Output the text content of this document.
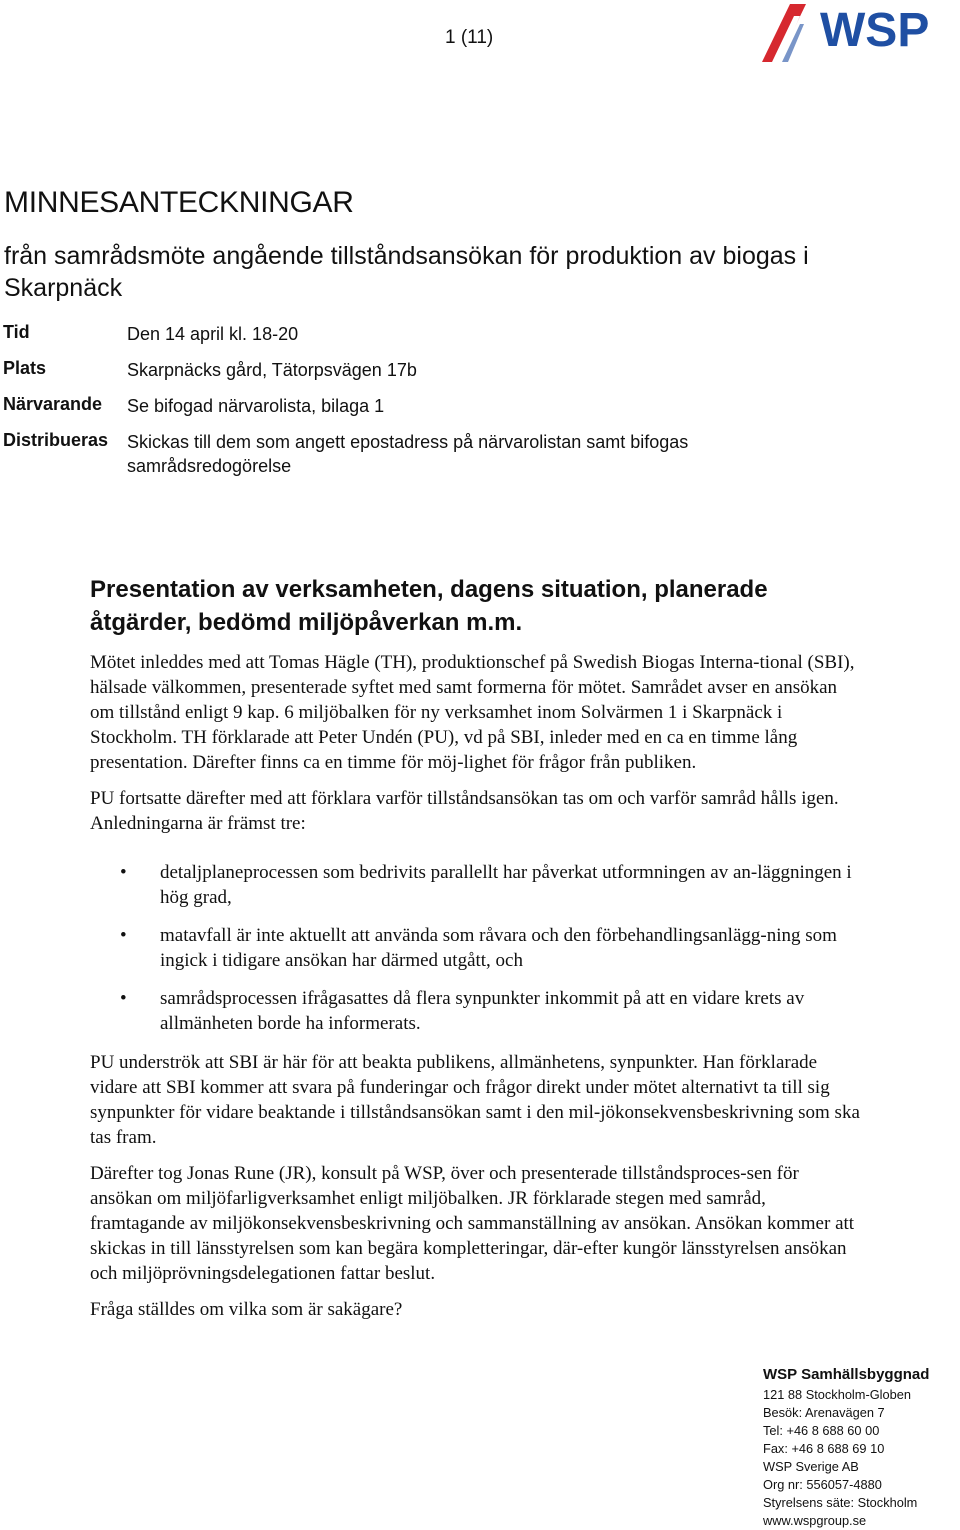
1 (11)	WSP
MINNESANTECKNINGAR
från samrådsmöte angående tillståndsansökan för produktion av biogas i Skarpnäck
Tid	Den 14 april kl. 18-20
Plats	Skarpnäcks gård, Tätorpsvägen 17b
Närvarande Se bifogad närvarolista, bilaga 1
Distribueras Skickas till dem som angett epostadress på närvarolistan samt bifogas samrådsredogörelse
Presentation av verksamheten, dagens situation, planerade åtgärder, bedömd miljöpåverkan m.m.

Mötet inleddes med att Tomas Hägle (TH), produktionschef på Swedish Biogas Interna-tional (SBI), hälsade välkommen, presenterade syftet med samt formerna för mötet. Samrådet avser en ansökan om tillstånd enligt 9 kap. 6 miljöbalken för ny verksamhet inom Solvärmen 1 i Skarpnäck i Stockholm. TH förklarade att Peter Undén (PU), vd på SBI, inleder med en ca en timme lång presentation. Därefter finns ca en timme för möj-lighet för frågor från publiken.

PU fortsatte därefter med att förklara varför tillståndsansökan tas om och varför samråd hålls igen. Anledningarna är främst tre:

• detaljplaneprocessen som bedrivits parallellt har påverkat utformningen av an-läggningen i hög grad,
• matavfall är inte aktuellt att använda som råvara och den förbehandlingsanlägg-ning som ingick i tidigare ansökan har därmed utgått, och
• samrådsprocessen ifrågasattes då flera synpunkter inkommit på att en vidare krets av allmänheten borde ha informerats.

PU underströk att SBI är här för att beakta publikens, allmänhetens, synpunkter. Han förklarade vidare att SBI kommer att svara på funderingar och frågor direkt under mötet alternativt ta till sig synpunkter för vidare beaktande i tillståndsansökan samt i den mil-jökonsekvensbeskrivning som ska tas fram.

Därefter tog Jonas Rune (JR), konsult på WSP, över och presenterade tillståndsproces-sen för ansökan om miljöfarligverksamhet enligt miljöbalken. JR förklarade stegen med samråd, framtagande av miljökonsekvensbeskrivning och sammanställning av ansökan. Ansökan kommer att skickas in till länsstyrelsen som kan begära kompletteringar, där-efter kungör länsstyrelsen ansökan och miljöprövningsdelegationen fattar beslut.

Fråga ställdes om vilka som är sakägare?

WSP Samhällsbyggnad
121 88 Stockholm-Globen
Besök: Arenavägen 7
Tel: +46 8 688 60 00
Fax: +46 8 688 69 10
WSP Sverige AB
Org nr: 556057-4880
Styrelsens säte: Stockholm
www.wspgroup.se
